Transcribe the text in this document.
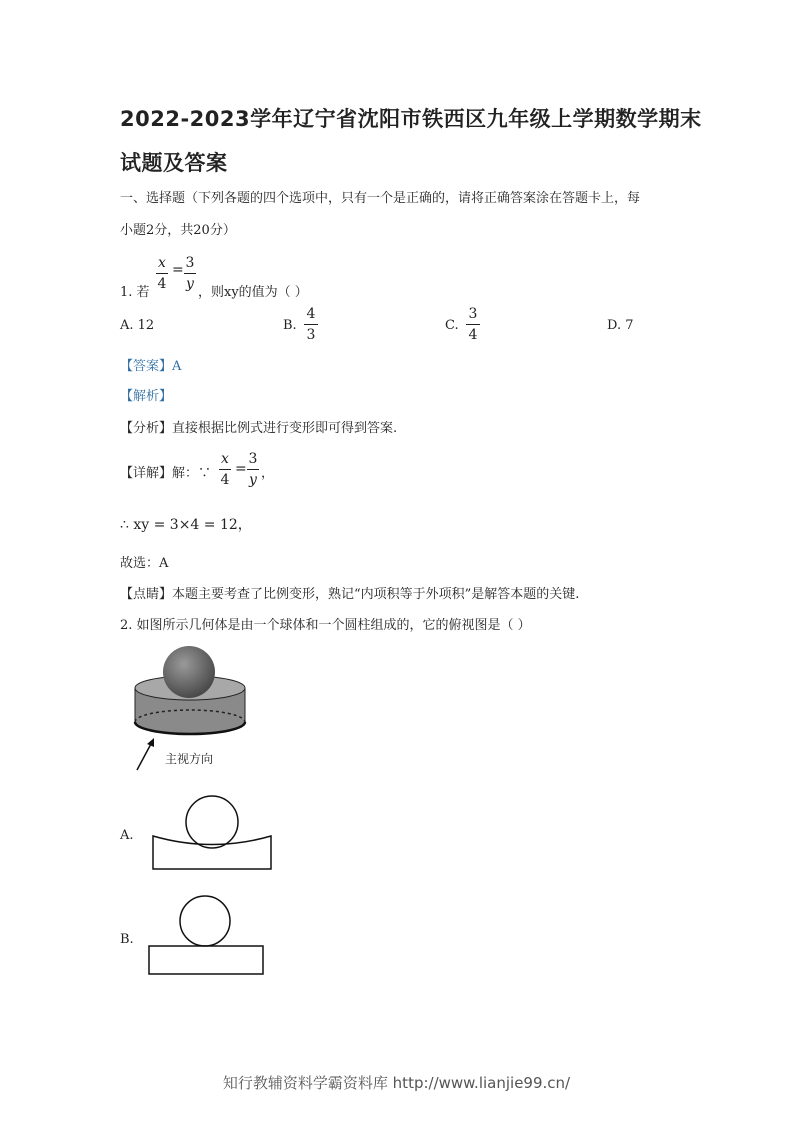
2022-2023学年辽宁省沈阳市铁西区九年级上学期数学期末
试题及答案
一、选择题（下列各题的四个选项中，只有一个是正确的，请将正确答案涂在答题卡上，每
小题2分，共20分）
x
4
= 3
y
1. 若	，则xy的值为（ ）
A. 12	B.
4
3
C.
3
4
D. 7
【答案】A
【解析】
【分析】直接根据比例式进行变形即可得到答案.
【详解】解：∵
x
4
=
3
y ，
∴ xy = 3×4 = 12，
故选：A
【点睛】本题主要考查了比例变形，熟记“内项积等于外项积”是解答本题的关键.
2. 如图所示几何体是由一个球体和一个圆柱组成的，它的俯视图是（ ）
主视方向
A.
B.
知行教辅资料学霸资料库 http://www.lianjie99.cn/
